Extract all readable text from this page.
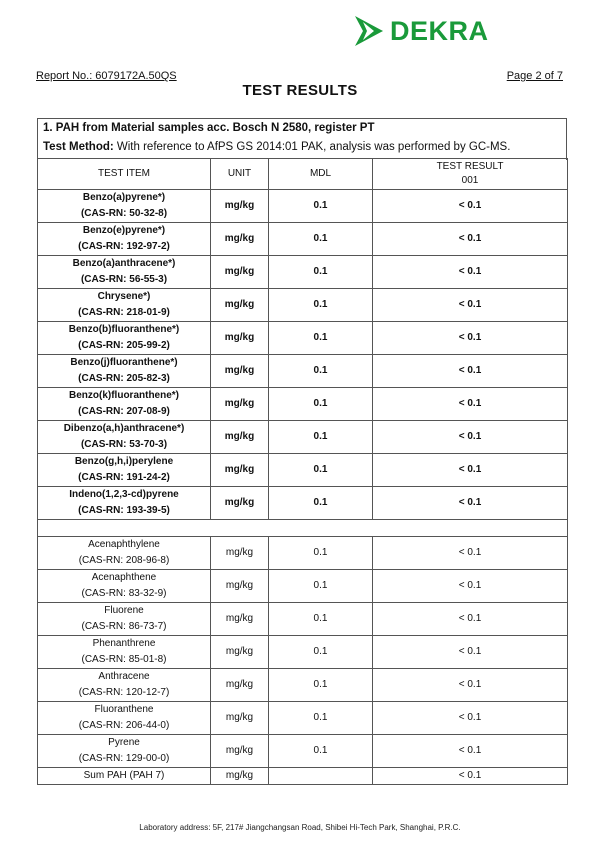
DEKRA
Report No.: 6079172A.50QS	Page 2 of 7
TEST RESULTS
1. PAH from Material samples acc. Bosch N 2580, register PT
Test Method: With reference to AfPS GS 2014:01 PAK, analysis was performed by GC-MS.
TEST ITEM	UNIT	MDL	TEST RESULT
001

Benzo(a)pyrene*)
(CAS-RN: 50-32-8)	mg/kg	0.1	< 0.1

Benzo(e)pyrene*)
(CAS-RN: 192-97-2)	mg/kg	0.1	< 0.1

Benzo(a)anthracene*)
(CAS-RN: 56-55-3)	mg/kg	0.1	< 0.1

Chrysene*)
(CAS-RN: 218-01-9)	mg/kg	0.1	< 0.1

Benzo(b)fluoranthene*)
(CAS-RN: 205-99-2)	mg/kg	0.1	< 0.1

Benzo(j)fluoranthene*)
(CAS-RN: 205-82-3)	mg/kg	0.1	< 0.1

Benzo(k)fluoranthene*)
(CAS-RN: 207-08-9)	mg/kg	0.1	< 0.1

Dibenzo(a,h)anthracene*)
(CAS-RN: 53-70-3)	mg/kg	0.1	< 0.1

Benzo(g,h,i)perylene
(CAS-RN: 191-24-2)	mg/kg	0.1	< 0.1

Indeno(1,2,3-cd)pyrene
(CAS-RN: 193-39-5)	mg/kg	0.1	< 0.1

Acenaphthylene
(CAS-RN: 208-96-8)	mg/kg	0.1	< 0.1

Acenaphthene
(CAS-RN: 83-32-9)	mg/kg	0.1	< 0.1

Fluorene
(CAS-RN: 86-73-7)	mg/kg	0.1	< 0.1

Phenanthrene
(CAS-RN: 85-01-8)	mg/kg	0.1	< 0.1

Anthracene
(CAS-RN: 120-12-7)	mg/kg	0.1	< 0.1

Fluoranthene
(CAS-RN: 206-44-0)	mg/kg	0.1	< 0.1

Pyrene
(CAS-RN: 129-00-0)	mg/kg	0.1	< 0.1
Sum PAH (PAH 7)	mg/kg		< 0.1
Laboratory address: 5F, 217# Jiangchangsan Road, Shibei Hi-Tech Park, Shanghai, P.R.C.
